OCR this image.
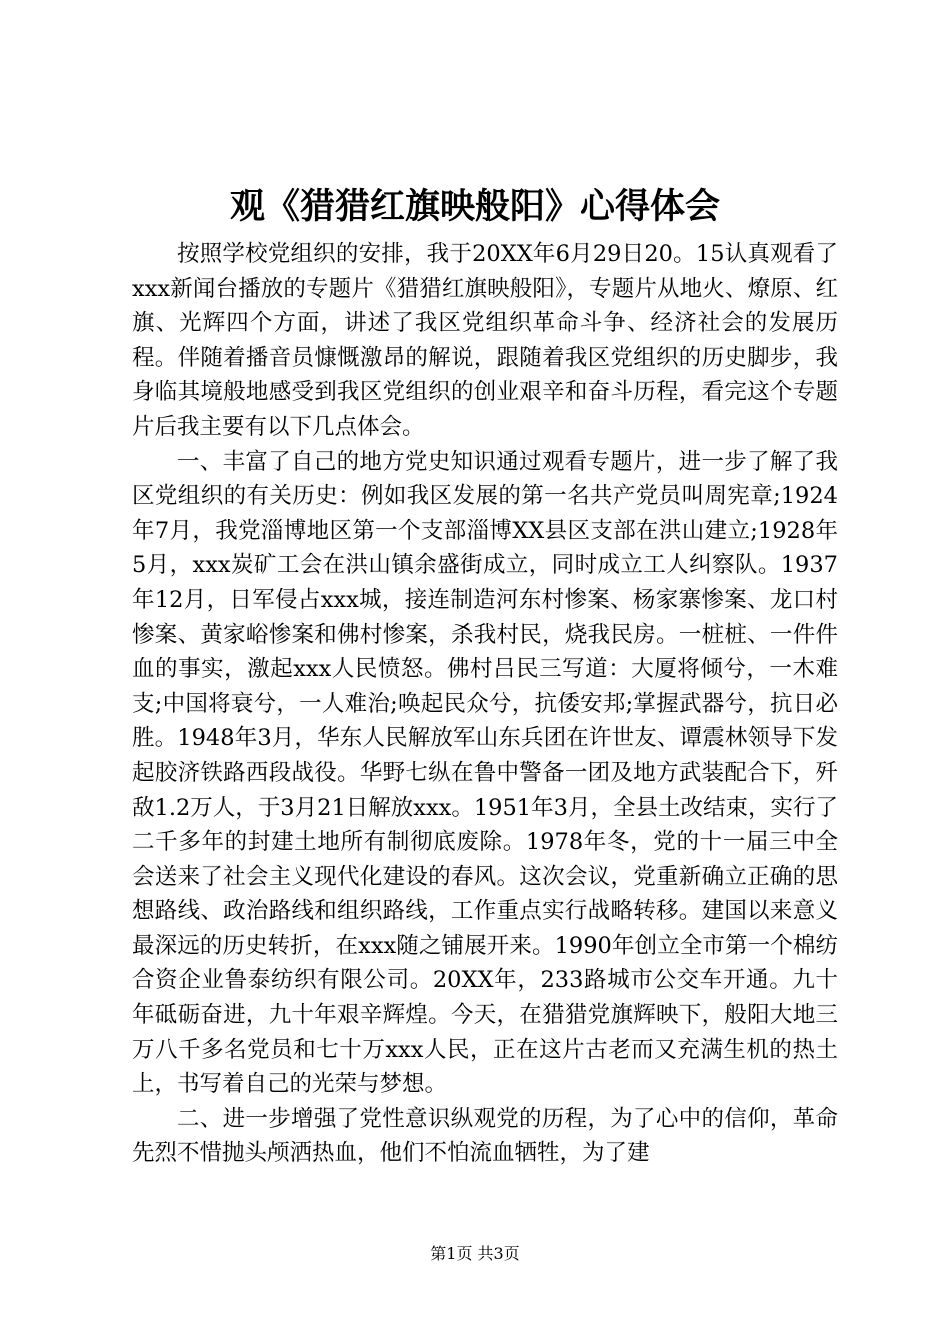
观《猎猎红旗映般阳》心得体会

按照学校党组织的安排，我于20XX年6月29日20。15认真观看了xxx新闻台播放的专题片《猎猎红旗映般阳》，专题片从地火、燎原、红旗、光辉四个方面，讲述了我区党组织革命斗争、经济社会的发展历程。伴随着播音员慷慨激昂的解说，跟随着我区党组织的历史脚步，我身临其境般地感受到我区党组织的创业艰辛和奋斗历程，看完这个专题片后我主要有以下几点体会。

一、丰富了自己的地方党史知识通过观看专题片，进一步了解了我区党组织的有关历史：例如我区发展的第一名共产党员叫周宪章;1924年7月，我党淄博地区第一个支部淄博XX县区支部在洪山建立;1928年5月，xxx炭矿工会在洪山镇余盛街成立，同时成立工人纠察队。1937年12月，日军侵占xxx城，接连制造河东村惨案、杨家寨惨案、龙口村惨案、黄家峪惨案和佛村惨案，杀我村民，烧我民房。一桩桩、一件件血的事实，激起xxx人民愤怒。佛村吕民三写道：大厦将倾兮，一木难支;中国将衰兮，一人难治;唤起民众兮，抗倭安邦;掌握武器兮，抗日必胜。1948年3月，华东人民解放军山东兵团在许世友、谭震林领导下发起胶济铁路西段战役。华野七纵在鲁中警备一团及地方武装配合下，歼敌1.2万人，于3月21日解放xxx。1951年3月，全县土改结束，实行了二千多年的封建土地所有制彻底废除。1978年冬，党的十一届三中全会送来了社会主义现代化建设的春风。这次会议，党重新确立正确的思想路线、政治路线和组织路线，工作重点实行战略转移。建国以来意义最深远的历史转折，在xxx随之铺展开来。1990年创立全市第一个棉纺合资企业鲁泰纺织有限公司。20XX年，233路城市公交车开通。九十年砥砺奋进，九十年艰辛辉煌。今天，在猎猎党旗辉映下，般阳大地三万八千多名党员和七十万xxx人民，正在这片古老而又充满生机的热土上，书写着自己的光荣与梦想。

二、进一步增强了党性意识纵观党的历程，为了心中的信仰，革命先烈不惜抛头颅洒热血，他们不怕流血牺牲，为了建

第1页 共3页
